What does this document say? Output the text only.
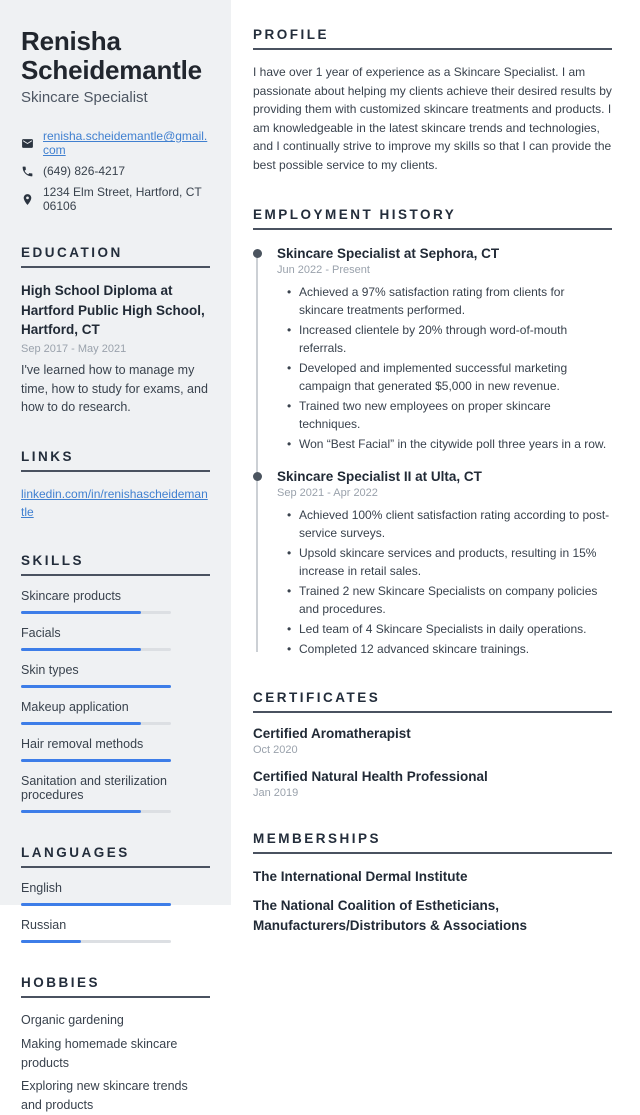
Renisha Scheidemantle
Skincare Specialist
renisha.scheidemantle@gmail.com
(649) 826-4217
1234 Elm Street, Hartford, CT 06106
EDUCATION
High School Diploma at Hartford Public High School, Hartford, CT
Sep 2017 - May 2021
I've learned how to manage my time, how to study for exams, and how to do research.
LINKS
linkedin.com/in/renishascheidemantle
SKILLS
Skincare products
Facials
Skin types
Makeup application
Hair removal methods
Sanitation and sterilization procedures
LANGUAGES
English
Russian
HOBBIES
Organic gardening
Making homemade skincare products
Exploring new skincare trends and products
PROFILE

I have over 1 year of experience as a Skincare Specialist. I am passionate about helping my clients achieve their desired results by providing them with customized skincare treatments and products. I am knowledgeable in the latest skincare trends and technologies, and I continually strive to improve my skills so that I can provide the best possible service to my clients.

EMPLOYMENT HISTORY
Skincare Specialist at Sephora, CT
Jun 2022 - Present
• Achieved a 97% satisfaction rating from clients for skincare treatments performed.
• Increased clientele by 20% through word-of-mouth referrals.
• Developed and implemented successful marketing campaign that generated $5,000 in new revenue.
• Trained two new employees on proper skincare techniques.
• Won “Best Facial” in the citywide poll three years in a row.
Skincare Specialist II at Ulta, CT
Sep 2021 - Apr 2022
• Achieved 100% client satisfaction rating according to post-service surveys.
• Upsold skincare services and products, resulting in 15% increase in retail sales.
• Trained 2 new Skincare Specialists on company policies and procedures.
• Led team of 4 Skincare Specialists in daily operations.
• Completed 12 advanced skincare trainings.
CERTIFICATES
Certified Aromatherapist
Oct 2020
Certified Natural Health Professional
Jan 2019
MEMBERSHIPS
The International Dermal Institute
The National Coalition of Estheticians, Manufacturers/Distributors & Associations
